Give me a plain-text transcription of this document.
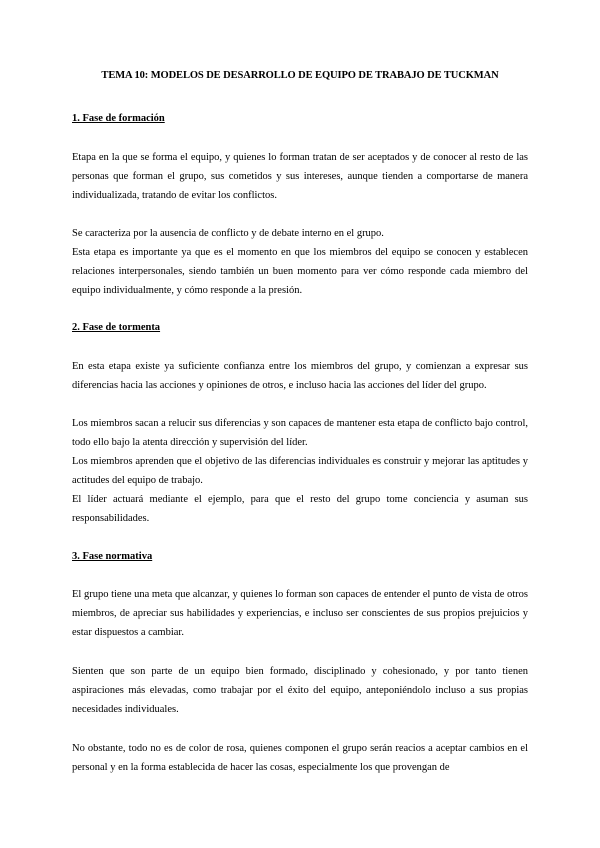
TEMA 10: MODELOS DE DESARROLLO DE EQUIPO DE TRABAJO DE TUCKMAN
1. Fase de formación

Etapa en la que se forma el equipo, y quienes lo forman tratan de ser aceptados y de conocer al resto de las personas que forman el grupo, sus cometidos y sus intereses, aunque tienden a comportarse de manera individualizada, tratando de evitar los conflictos.

Se caracteriza por la ausencia de conflicto y de debate interno en el grupo.

Esta etapa es importante ya que es el momento en que los miembros del equipo se conocen y establecen relaciones interpersonales, siendo también un buen momento para ver cómo responde cada miembro del equipo individualmente, y cómo responde a la presión.

2. Fase de tormenta

En esta etapa existe ya suficiente confianza entre los miembros del grupo, y comienzan a expresar sus diferencias hacia las acciones y opiniones de otros, e incluso hacia las acciones del líder del grupo.

Los miembros sacan a relucir sus diferencias y son capaces de mantener esta etapa de conflicto bajo control, todo ello bajo la atenta dirección y supervisión del líder.

Los miembros aprenden que el objetivo de las diferencias individuales es construir y mejorar las aptitudes y actitudes del equipo de trabajo.

El líder actuará mediante el ejemplo, para que el resto del grupo tome conciencia y asuman sus responsabilidades.

3. Fase normativa

El grupo tiene una meta que alcanzar, y quienes lo forman son capaces de entender el punto de vista de otros miembros, de apreciar sus habilidades y experiencias, e incluso ser conscientes de sus propios prejuicios y estar dispuestos a cambiar.

Sienten que son parte de un equipo bien formado, disciplinado y cohesionado, y por tanto tienen aspiraciones más elevadas, como trabajar por el éxito del equipo, anteponiéndolo incluso a sus propias necesidades individuales.

No obstante, todo no es de color de rosa, quienes componen el grupo serán reacios a aceptar cambios en el personal y en la forma establecida de hacer las cosas, especialmente los que provengan de
